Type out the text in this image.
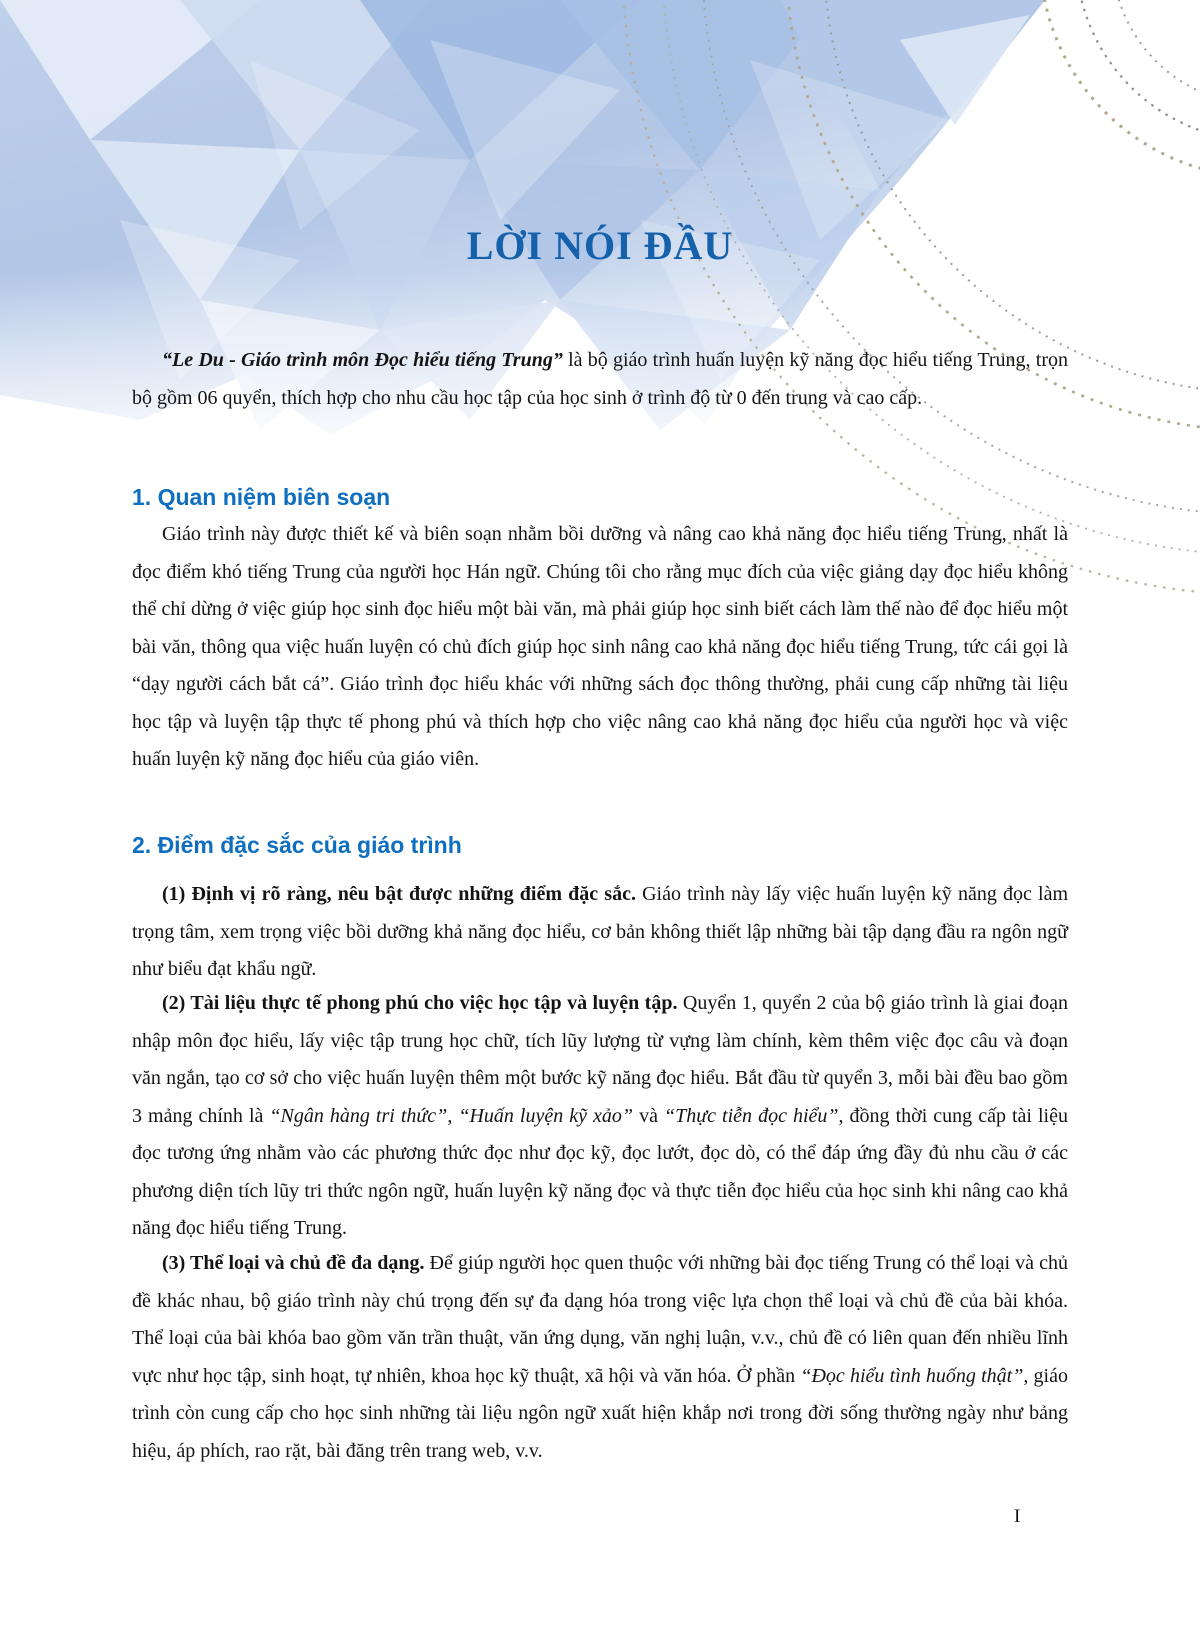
LỜI NÓI ĐẦU

“Le Du - Giáo trình môn Đọc hiểu tiếng Trung” là bộ giáo trình huấn luyện kỹ năng đọc hiểu tiếng Trung, trọn bộ gồm 06 quyển, thích hợp cho nhu cầu học tập của học sinh ở trình độ từ 0 đến trung và cao cấp.

1. Quan niệm biên soạn

Giáo trình này được thiết kế và biên soạn nhằm bồi dưỡng và nâng cao khả năng đọc hiểu tiếng Trung, nhất là đọc điểm khó tiếng Trung của người học Hán ngữ. Chúng tôi cho rằng mục đích của việc giảng dạy đọc hiểu không thể chỉ dừng ở việc giúp học sinh đọc hiểu một bài văn, mà phải giúp học sinh biết cách làm thế nào để đọc hiểu một bài văn, thông qua việc huấn luyện có chủ đích giúp học sinh nâng cao khả năng đọc hiểu tiếng Trung, tức cái gọi là “dạy người cách bắt cá”. Giáo trình đọc hiểu khác với những sách đọc thông thường, phải cung cấp những tài liệu học tập và luyện tập thực tế phong phú và thích hợp cho việc nâng cao khả năng đọc hiểu của người học và việc huấn luyện kỹ năng đọc hiểu của giáo viên.

2. Điểm đặc sắc của giáo trình

(1) Định vị rõ ràng, nêu bật được những điểm đặc sắc. Giáo trình này lấy việc huấn luyện kỹ năng đọc làm trọng tâm, xem trọng việc bồi dưỡng khả năng đọc hiểu, cơ bản không thiết lập những bài tập dạng đầu ra ngôn ngữ như biểu đạt khẩu ngữ.

(2) Tài liệu thực tế phong phú cho việc học tập và luyện tập. Quyển 1, quyển 2 của bộ giáo trình là giai đoạn nhập môn đọc hiểu, lấy việc tập trung học chữ, tích lũy lượng từ vựng làm chính, kèm thêm việc đọc câu và đoạn văn ngắn, tạo cơ sở cho việc huấn luyện thêm một bước kỹ năng đọc hiểu. Bắt đầu từ quyển 3, mỗi bài đều bao gồm 3 mảng chính là “Ngân hàng tri thức”, “Huấn luyện kỹ xảo” và “Thực tiễn đọc hiểu”, đồng thời cung cấp tài liệu đọc tương ứng nhằm vào các phương thức đọc như đọc kỹ, đọc lướt, đọc dò, có thể đáp ứng đầy đủ nhu cầu ở các phương diện tích lũy tri thức ngôn ngữ, huấn luyện kỹ năng đọc và thực tiễn đọc hiểu của học sinh khi nâng cao khả năng đọc hiểu tiếng Trung.

(3) Thể loại và chủ đề đa dạng. Để giúp người học quen thuộc với những bài đọc tiếng Trung có thể loại và chủ đề khác nhau, bộ giáo trình này chú trọng đến sự đa dạng hóa trong việc lựa chọn thể loại và chủ đề của bài khóa. Thể loại của bài khóa bao gồm văn trần thuật, văn ứng dụng, văn nghị luận, v.v., chủ đề có liên quan đến nhiều lĩnh vực như học tập, sinh hoạt, tự nhiên, khoa học kỹ thuật, xã hội và văn hóa. Ở phần “Đọc hiểu tình huống thật”, giáo trình còn cung cấp cho học sinh những tài liệu ngôn ngữ xuất hiện khắp nơi trong đời sống thường ngày như bảng hiệu, áp phích, rao rặt, bài đăng trên trang web, v.v.

I
